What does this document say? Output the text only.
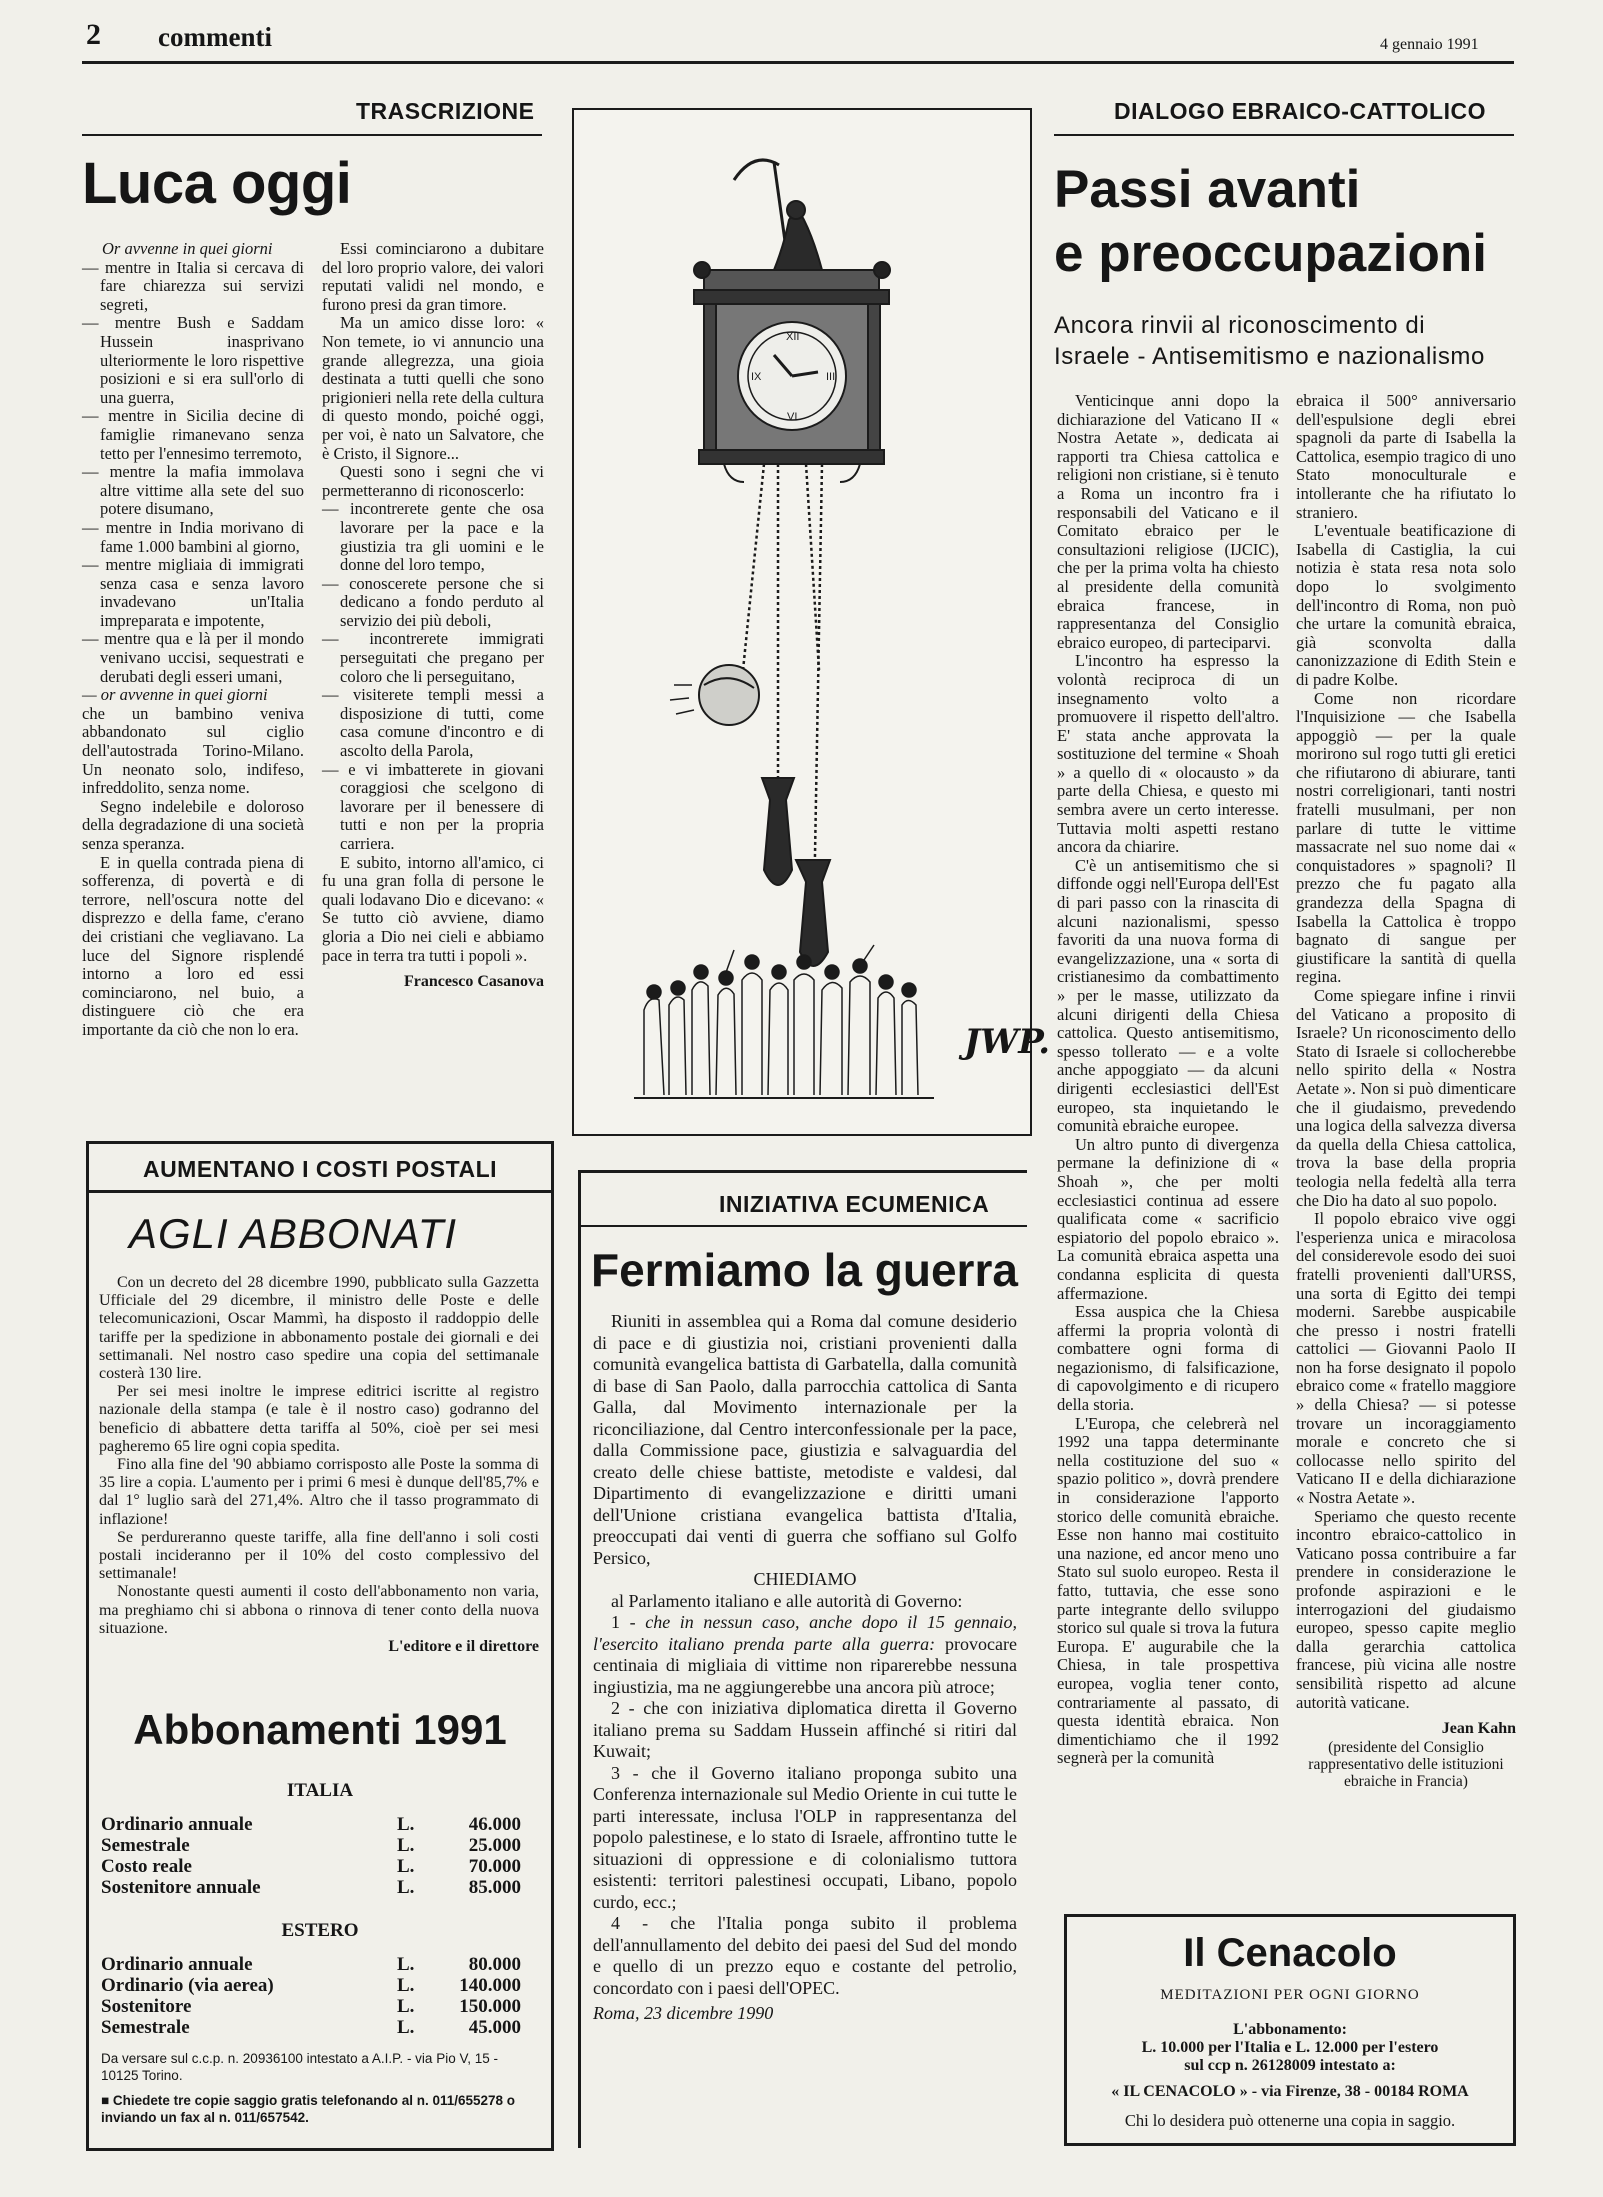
2 commenti	4 gennaio 1991
TRASCRIZIONE
Luca oggi

Or avvenne in quei giorni

— mentre in Italia si cercava di fare chiarezza sui servizi segreti,
— mentre Bush e Saddam Hussein inasprivano ulteriormente le loro rispettive posizioni e si era sull'orlo di una guerra,
— mentre in Sicilia decine di famiglie rimanevano senza tetto per l'ennesimo terremoto,
— mentre la mafia immolava altre vittime alla sete del suo potere disumano,
— mentre in India morivano di fame 1.000 bambini al giorno,
— mentre migliaia di immigrati senza casa e senza lavoro invadevano un'Italia impreparata e impotente,
— mentre qua e là per il mondo venivano uccisi, sequestrati e derubati degli esseri umani,
— or avvenne in quei giorni

che un bambino veniva abbandonato sul ciglio dell'autostrada Torino-Milano. Un neonato solo, indifeso, infreddolito, senza nome.

Segno indelebile e doloroso della degradazione di una società senza speranza.

E in quella contrada piena di sofferenza, di povertà e di terrore, nell'oscura notte del disprezzo e della fame, c'erano dei cristiani che vegliavano. La luce del Signore risplendé intorno a loro ed essi cominciarono, nel buio, a distinguere ciò che era importante da ciò che non lo era.

Essi cominciarono a dubitare del loro proprio valore, dei valori reputati validi nel mondo, e furono presi da gran timore.

Ma un amico disse loro: « Non temete, io vi annuncio una grande allegrezza, una gioia destinata a tutti quelli che sono prigionieri nella rete della cultura di questo mondo, poiché oggi, per voi, è nato un Salvatore, che è Cristo, il Signore...

Questi sono i segni che vi permetteranno di riconoscerlo:

— incontrerete gente che osa lavorare per la pace e la giustizia tra gli uomini e le donne del loro tempo,
— conoscerete persone che si dedicano a fondo perduto al servizio dei più deboli,
— incontrerete immigrati perseguitati che pregano per coloro che li perseguitano,
— visiterete templi messi a disposizione di tutti, come casa comune d'incontro e di ascolto della Parola,
— e vi imbatterete in giovani coraggiosi che scelgono di lavorare per il benessere di tutti e non per la propria carriera.

E subito, intorno all'amico, ci fu una gran folla di persone le quali lodavano Dio e dicevano: « Se tutto ciò avviene, diamo gloria a Dio nei cieli e abbiamo pace in terra tra tutti i popoli ».

Francesco Casanova
XII
III
VI
IX
JWP.
DIALOGO EBRAICO-CATTOLICO
Passi avanti
e preoccupazioni
Ancora rinvii al riconoscimento di
Israele - Antisemitismo e nazionalismo

Venticinque anni dopo la dichiarazione del Vaticano II « Nostra Aetate », dedicata ai rapporti tra Chiesa cattolica e religioni non cristiane, si è tenuto a Roma un incontro fra i responsabili del Vaticano e il Comitato ebraico per le consultazioni religiose (IJCIC), che per la prima volta ha chiesto al presidente della comunità ebraica francese, in rappresentanza del Consiglio ebraico europeo, di parteciparvi.

L'incontro ha espresso la volontà reciproca di un insegnamento volto a promuovere il rispetto dell'altro. E' stata anche approvata la sostituzione del termine « Shoah » a quello di « olocausto » da parte della Chiesa, e questo mi sembra avere un certo interesse. Tuttavia molti aspetti restano ancora da chiarire.

C'è un antisemitismo che si diffonde oggi nell'Europa dell'Est di pari passo con la rinascita di alcuni nazionalismi, spesso favoriti da una nuova forma di evangelizzazione, una « sorta di cristianesimo da combattimento » per le masse, utilizzato da alcuni dirigenti della Chiesa cattolica. Questo antisemitismo, spesso tollerato — e a volte anche appoggiato — da alcuni dirigenti ecclesiastici dell'Est europeo, sta inquietando le comunità ebraiche europee.

Un altro punto di divergenza permane la definizione di « Shoah », che per molti ecclesiastici continua ad essere qualificata come « sacrificio espiatorio del popolo ebraico ». La comunità ebraica aspetta una condanna esplicita di questa affermazione.

Essa auspica che la Chiesa affermi la propria volontà di combattere ogni forma di negazionismo, di falsificazione, di capovolgimento e di ricupero della storia.

L'Europa, che celebrerà nel 1992 una tappa determinante nella costituzione del suo « spazio politico », dovrà prendere in considerazione l'apporto storico delle comunità ebraiche. Esse non hanno mai costituito una nazione, ed ancor meno uno Stato sul suolo europeo. Resta il fatto, tuttavia, che esse sono parte integrante dello sviluppo storico sul quale si trova la futura Europa. E' augurabile che la Chiesa, in tale prospettiva europea, voglia tener conto, contrariamente al passato, di questa identità ebraica. Non dimentichiamo che il 1992 segnerà per la comunità

ebraica il 500° anniversario dell'espulsione degli ebrei spagnoli da parte di Isabella la Cattolica, esempio tragico di uno Stato monoculturale e intollerante che ha rifiutato lo straniero.

L'eventuale beatificazione di Isabella di Castiglia, la cui notizia è stata resa nota solo dopo lo svolgimento dell'incontro di Roma, non può che urtare la comunità ebraica, già sconvolta dalla canonizzazione di Edith Stein e di padre Kolbe.

Come non ricordare l'Inquisizione — che Isabella appoggiò — per la quale morirono sul rogo tutti gli eretici che rifiutarono di abiurare, tanti nostri correligionari, tanti nostri fratelli musulmani, per non parlare di tutte le vittime massacrate nel suo nome dai « conquistadores » spagnoli? Il prezzo che fu pagato alla grandezza della Spagna di Isabella la Cattolica è troppo bagnato di sangue per giustificare la santità di quella regina.

Come spiegare infine i rinvii del Vaticano a proposito di Israele? Un riconoscimento dello Stato di Israele si collocherebbe nello spirito della « Nostra Aetate ». Non si può dimenticare che il giudaismo, prevedendo una logica della salvezza diversa da quella della Chiesa cattolica, trova la base della propria teologia nella fedeltà alla terra che Dio ha dato al suo popolo.

Il popolo ebraico vive oggi l'esperienza unica e miracolosa del considerevole esodo dei suoi fratelli provenienti dall'URSS, una sorta di Egitto dei tempi moderni. Sarebbe auspicabile che presso i nostri fratelli cattolici — Giovanni Paolo II non ha forse designato il popolo ebraico come « fratello maggiore » della Chiesa? — si potesse trovare un incoraggiamento morale e concreto che si collocasse nello spirito del Vaticano II e della dichiarazione « Nostra Aetate ».

Speriamo che questo recente incontro ebraico-cattolico in Vaticano possa contribuire a far prendere in considerazione le profonde aspirazioni e le interrogazioni del giudaismo europeo, spesso capite meglio dalla gerarchia cattolica francese, più vicina alle nostre sensibilità rispetto ad alcune autorità vaticane.

Jean Kahn
(presidente del Consiglio rappresentativo delle istituzioni ebraiche in Francia)
AUMENTANO I COSTI POSTALI
AGLI ABBONATI

Con un decreto del 28 dicembre 1990, pubblicato sulla Gazzetta Ufficiale del 29 dicembre, il ministro delle Poste e delle telecomunicazioni, Oscar Mammì, ha disposto il raddoppio delle tariffe per la spedizione in abbonamento postale dei giornali e dei settimanali. Nel nostro caso spedire una copia del settimanale costerà 130 lire.

Per sei mesi inoltre le imprese editrici iscritte al registro nazionale della stampa (e tale è il nostro caso) godranno del beneficio di abbattere detta tariffa al 50%, cioè per sei mesi pagheremo 65 lire ogni copia spedita.

Fino alla fine del '90 abbiamo corrisposto alle Poste la somma di 35 lire a copia. L'aumento per i primi 6 mesi è dunque dell'85,7% e dal 1° luglio sarà del 271,4%. Altro che il tasso programmato di inflazione!

Se perdureranno queste tariffe, alla fine dell'anno i soli costi postali incideranno per il 10% del costo complessivo del settimanale!

Nonostante questi aumenti il costo dell'abbonamento non varia, ma preghiamo chi si abbona o rinnova di tener conto della nuova situazione.

L'editore e il direttore
Abbonamenti 1991
ITALIA
Ordinario annuale	L.	46.000
Semestrale	L.	25.000
Costo reale	L.	70.000
Sostenitore annuale	L.	85.000
ESTERO
Ordinario annuale	L.	80.000
Ordinario (via aerea)	L.	140.000
Sostenitore	L.	150.000
Semestrale	L.	45.000
Da versare sul c.c.p. n. 20936100 intestato a A.I.P. - via Pio V, 15 - 10125 Torino.
■ Chiedete tre copie saggio gratis telefonando al n. 011/655278 o inviando un fax al n. 011/657542.
INIZIATIVA ECUMENICA
Fermiamo la guerra

Riuniti in assemblea qui a Roma dal comune desiderio di pace e di giustizia noi, cristiani provenienti dalla comunità evangelica battista di Garbatella, dalla comunità di base di San Paolo, dalla parrocchia cattolica di Santa Galla, dal Movimento internazionale per la riconciliazione, dal Centro interconfessionale per la pace, dalla Commissione pace, giustizia e salvaguardia del creato delle chiese battiste, metodiste e valdesi, dal Dipartimento di evangelizzazione e diritti umani dell'Unione cristiana evangelica battista d'Italia, preoccupati dai venti di guerra che soffiano sul Golfo Persico,

CHIEDIAMO

al Parlamento italiano e alle autorità di Governo:

1 - che in nessun caso, anche dopo il 15 gennaio, l'esercito italiano prenda parte alla guerra: provocare centinaia di migliaia di vittime non riparerebbe nessuna ingiustizia, ma ne aggiungerebbe una ancora più atroce;

2 - che con iniziativa diplomatica diretta il Governo italiano premа su Saddam Hussein affinché si ritiri dal Kuwait;

3 - che il Governo italiano proponga subito una Conferenza internazionale sul Medio Oriente in cui tutte le parti interessate, inclusa l'OLP in rappresentanza del popolo palestinese, e lo stato di Israele, affrontino tutte le situazioni di oppressione e di colonialismo tuttora esistenti: territori palestinesi occupati, Libano, popolo curdo, ecc.;

4 - che l'Italia ponga subito il problema dell'annullamento del debito dei paesi del Sud del mondo e quello di un prezzo equo e costante del petrolio, concordato con i paesi dell'OPEC.

Roma, 23 dicembre 1990

Il Cenacolo
MEDITAZIONI PER OGNI GIORNO
L'abbonamento:
L. 10.000 per l'Italia e L. 12.000 per l'estero
sul ccp n. 26128009 intestato a:
« IL CENACOLO » - via Firenze, 38 - 00184 ROMA
Chi lo desidera può ottenerne una copia in saggio.
